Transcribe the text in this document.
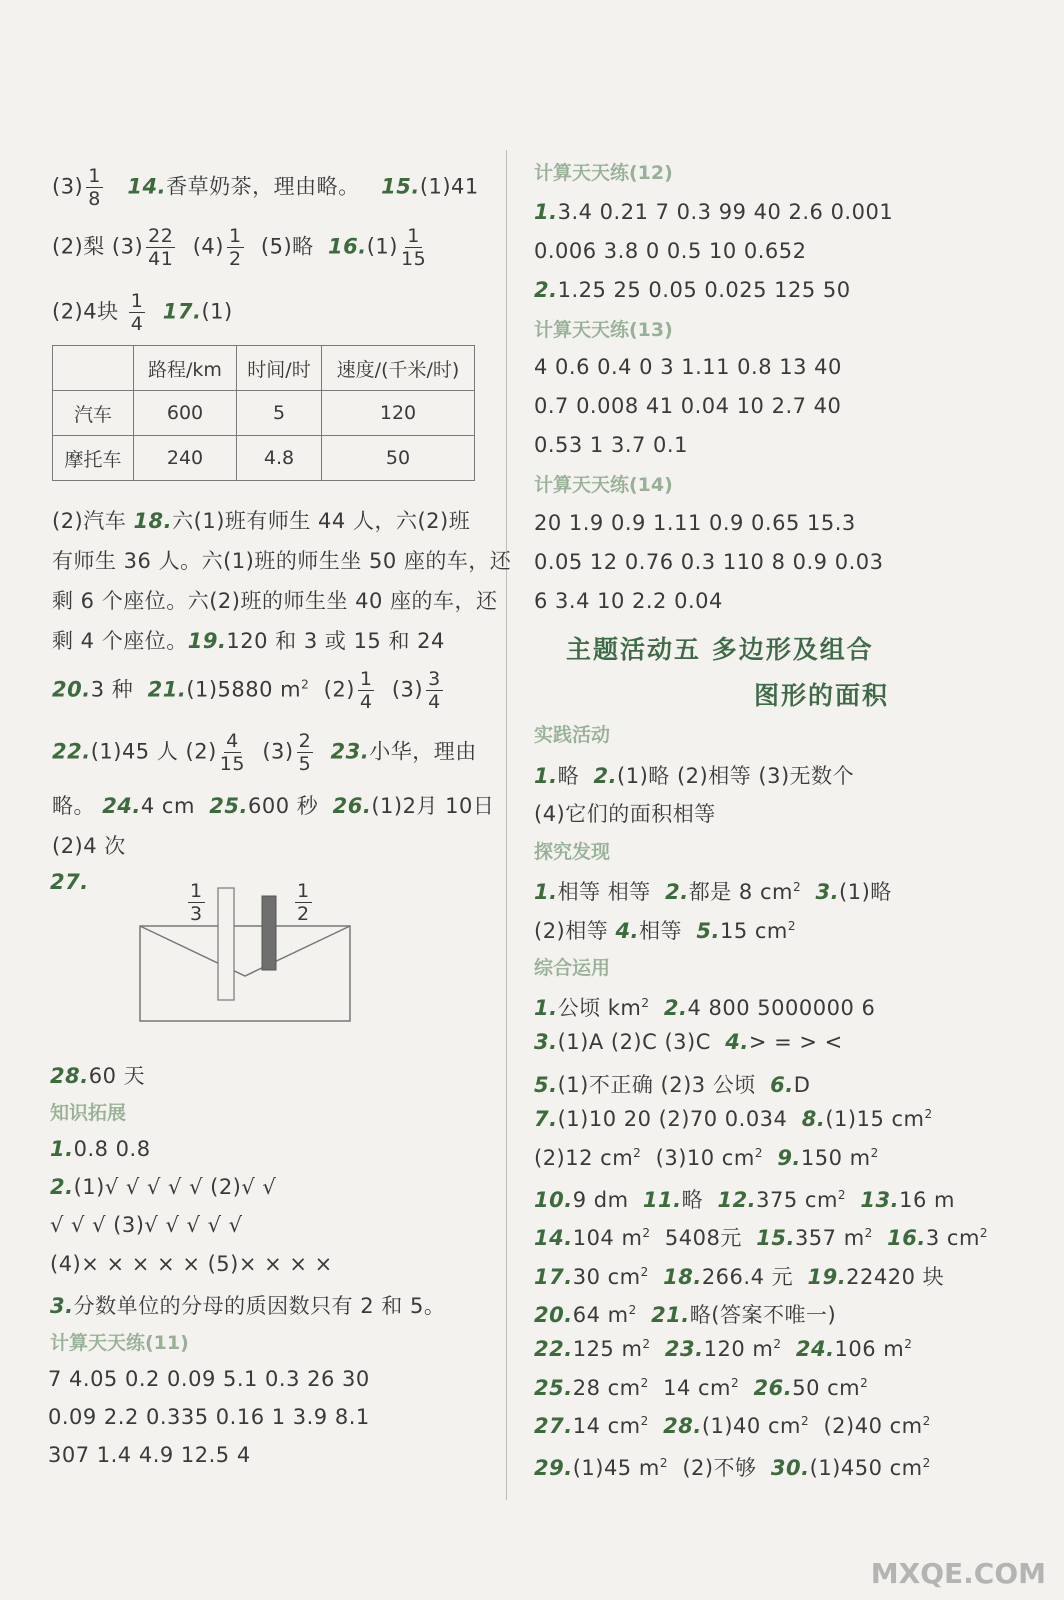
$(3) \frac{1}{8} 14$.香草奶茶，理由略。 15.(1)41
(2)梨 $(3) \frac{22}{41} (4) \frac{1}{2} (5)$略 $16.(1) \frac{1}{15}$
(2)4块 $\frac{1}{4} 17.(1)$
	路程/km	时间/时	速度/(千米/时)
汽车	600	5	120
摩托车	240	4.8	50
(2)汽车 18.六(1)班有师生 44 人，六(2)班
有师生 36 人。六(1)班的师生坐 50 座的车，还
剩 6 个座位。六(2)班的师生坐 40 座的车，还
剩 4 个座位。19.120 和 3 或 15 和 24
20.3 种 21.(1)5880 $m^2$ $(2) \frac{1}{4} (3) \frac{3}{4}$
22.(1)45 人 $(2) \frac{4}{15} (3) \frac{2}{5} 23$.小华，理由
略。 24.4 cm 25.600 秒 26.(1)2月 10日
(2)4 次
27.	$\frac{1}{3}$	$\frac{1}{2}$
28.60 天
知识拓展
1.0.8 0.8
2.(1)√ √ √ √ √ (2)√ √
√ √ √ (3)√ √ √ √ √
(4)× × × × × (5)× × × ×
3.分数单位的分母的质因数只有 2 和 5。
计算天天练(11)
7 4.05 0.2 0.09 5.1 0.3 26 30
0.09 2.2 0.335 0.16 1 3.9 8.1
307 1.4 4.9 12.5 4
计算天天练(12)
1.3.4 0.21 7 0.3 99 40 2.6 0.001
0.006 3.8 0 0.5 10 0.652
2.1.25 25 0.05 0.025 125 50
计算天天练(13)
4 0.6 0.4 0 3 1.11 0.8 13 40
0.7 0.008 41 0.04 10 2.7 40
0.53 1 3.7 0.1
计算天天练(14)
20 1.9 0.9 1.11 0.9 0.65 15.3
0.05 12 0.76 0.3 110 8 0.9 0.03
6 3.4 10 2.2 0.04
主题活动五 多边形及组合
图形的面积
实践活动
1.略 2.(1)略 (2)相等 (3)无数个
(4)它们的面积相等
探究发现
1.相等 相等 2.都是 8 $cm^2$ 3.(1)略
(2)相等 4.相等 5.15 $cm^2$
综合运用
1.公顷 $km^2$ 2.4 800 5000000 6
3.(1)A (2)C (3)C 4.> = > <
5.(1)不正确 (2)3 公顷 6.D
7.(1)10 20 (2)70 0.034 8.(1)15 $cm^2$
(2)12 $cm^2$ (3)10 $cm^2$ 9.150 $m^2$
10.9 dm 11.略 12.375 $cm^2$ 13.16 m
14.104 $m^2$ 5408元 15.357 $m^2$ 16.3 $cm^2$
17.30 $cm^2$ 18.266.4 元 19.22420 块
20.64 $m^2$ 21.略(答案不唯一)
22.125 $m^2$ 23.120 $m^2$ 24.106 $m^2$
25.28 $cm^2$ 14 $cm^2$ 26.50 $cm^2$
27.14 $cm^2$ 28.(1)40 $cm^2$ (2)40 $cm^2$
29.(1)45 $m^2$ (2)不够 30.(1)450 $cm^2$
MXQE.COM
